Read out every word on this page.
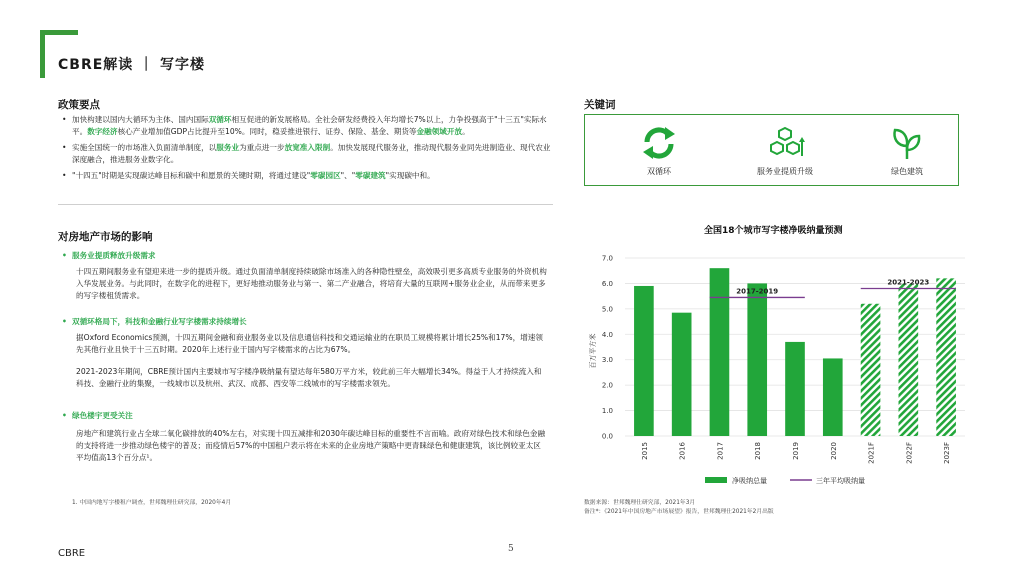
CBRE解读 ｜ 写字楼
政策要点

• 加快构建以国内大循环为主体、国内国际双循环相互促进的新发展格局。全社会研发经费投入年均增长7%以上，力争投强高于"十三五"实际水平。数字经济核心产业增加值GDP占比提升至10%。同时，稳妥推进银行、证券、保险、基金、期货等金融领域开放。

• 实施全国统一的市场准入负面清单制度，以服务业为重点进一步放宽准入限制。加快发展现代服务业，推动现代服务业同先进制造业、现代农业深度融合，推进服务业数字化。

• "十四五"时期是实现碳达峰目标和碳中和愿景的关键时期，将通过建设"零碳园区"、"零碳建筑"实现碳中和。

对房地产市场的影响
• 服务业提质释放升级需求

十四五期间服务业有望迎来进一步的提质升级。通过负面清单制度持续破除市场准入的各种隐性壁垒，高效吸引更多高质专业服务的外资机构入华发展业务。与此同时，在数字化的进程下，更好地推动服务业与第一、第二产业融合，将培育大量的互联网+服务业企业，从而带来更多的写字楼租赁需求。

• 双循环格局下，科技和金融行业写字楼需求持续增长

据Oxford Economics预测，十四五期间金融和商业服务业以及信息通信科技和交通运输业的在职员工规模将累计增长25%和17%，增速领先其他行业且快于十三五时期。2020年上述行业于国内写字楼需求的占比为67%。

2021-2023年期间，CBRE预计国内主要城市写字楼净吸纳量有望达每年580万平方米，较此前三年大幅增长34%。得益于人才持续流入和科技、金融行业的集聚，一线城市以及杭州、武汉、成都、西安等二线城市的写字楼需求领先。

• 绿色楼宇更受关注

房地产和建筑行业占全球二氧化碳排放的40%左右，对实现十四五减排和2030年碳达峰目标的重要性不言而喻。政府对绿色技术和绿色金融的支持将进一步推动绿色楼宇的普及；而疫情后57%的中国租户表示将在未来的企业房地产策略中更青睐绿色和健康建筑，该比例较亚太区平均值高13个百分点¹。

1. 中国内地写字楼租户调查，世邦魏理仕研究部，2020年4月
关键词
双循环	服务业提质升级	绿色建筑
全国18个城市写字楼净吸纳量预测
百万平方米
0.0
1.0
2.0
3.0
4.0
5.0
6.0
7.0
2017-2019
2021-2023
2015	2016	2017	2018	2019	2020	2021F	2022F	2023F
净吸纳总量	三年平均吸纳量
数据来源：世邦魏理仕研究部，2021年3月
备注*：《2021年中国房地产市场展望》报告，世邦魏理仕2021年2月出版
CBRE	5
